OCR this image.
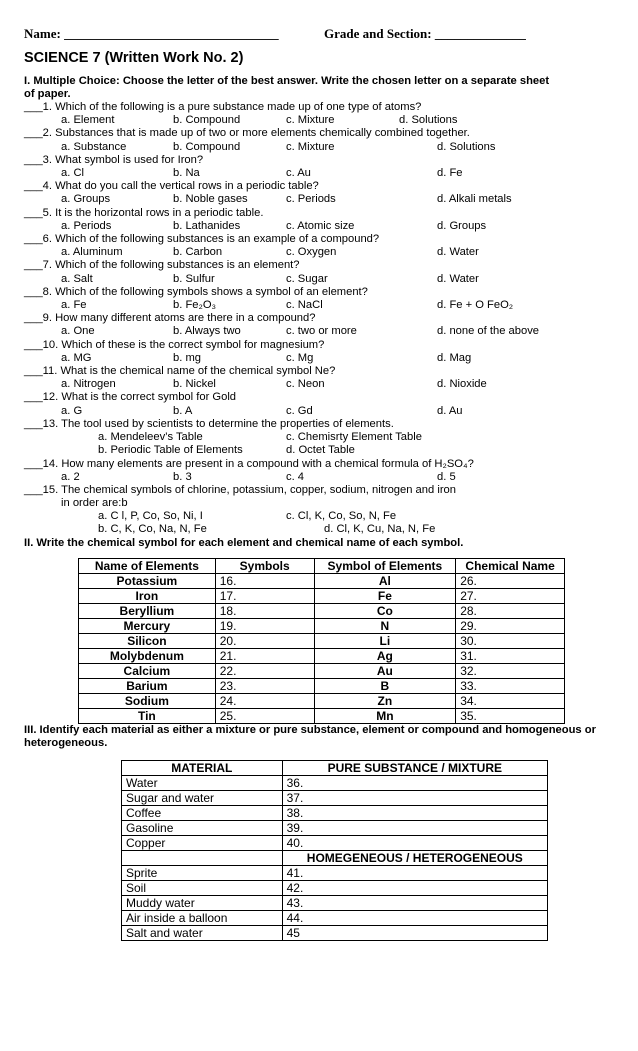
Name: _________________________________	Grade and Section: ______________
SCIENCE 7 (Written Work No. 2)
I. Multiple Choice: Choose the letter of the best answer. Write the chosen letter on a separate sheet
of paper.
___1. Which of the following is a pure substance made up of one type of atoms?
a. Element	b. Compound	c. Mixture	d. Solutions
___2. Substances that is made up of two or more elements chemically combined together.
a. Substance	b. Compound	c. Mixture	d. Solutions
___3. What symbol is used for Iron?
a. Cl	b. Na	c. Au	d. Fe
___4. What do you call the vertical rows in a periodic table?
a. Groups	b. Noble gases	c. Periods	d. Alkali metals
___5. It is the horizontal rows in a periodic table.
a. Periods	b. Lathanides	c. Atomic size	d. Groups
___6. Which of the following substances is an example of a compound?
a. Aluminum	b. Carbon	c. Oxygen	d. Water
___7. Which of the following substances is an element?
a. Salt	b. Sulfur	c. Sugar	d. Water
___8. Which of the following symbols shows a symbol of an element?
a. Fe	b. Fe₂O₃	c. NaCl	d. Fe + O FeO₂
___9. How many different atoms are there in a compound?
a. One	b. Always two	c. two or more	d. none of the above
___10. Which of these is the correct symbol for magnesium?
a. MG	b. mg	c. Mg	d. Mag
___11. What is the chemical name of the chemical symbol Ne?
a. Nitrogen	b. Nickel	c. Neon	d. Nioxide
___12. What is the correct symbol for Gold
a. G	b. A	c. Gd	d. Au
___13. The tool used by scientists to determine the properties of elements.
a. Mendeleev’s Table	c. Chemisrty Element Table
b. Periodic Table of Elements	d. Octet Table
___14. How many elements are present in a compound with a chemical formula of H₂SO₄?
a. 2	b. 3	c. 4	d. 5
___15. The chemical symbols of chlorine, potassium, copper, sodium, nitrogen and iron
in order are:b
a. C l, P, Co, So, Ni, I	c. Cl, K, Co, So, N, Fe
b. C, K, Co, Na, N, Fe	d. Cl, K, Cu, Na, N, Fe
II. Write the chemical symbol for each element and chemical name of each symbol.
Name of Elements	Symbols	Symbol of Elements	Chemical Name
Potassium	16.	Al	26.
Iron	17.	Fe	27.
Beryllium	18.	Co	28.
Mercury	19.	N	29.
Silicon	20.	Li	30.
Molybdenum	21.	Ag	31.
Calcium	22.	Au	32.
Barium	23.	B	33.
Sodium	24.	Zn	34.
Tin	25.	Mn	35.
III. Identify each material as either a mixture or pure substance, element or compound and homogeneous or
heterogeneous.
MATERIAL	PURE SUBSTANCE / MIXTURE
Water	36.
Sugar and water	37.
Coffee	38.
Gasoline	39.
Copper	40.
	HOMEGENEOUS / HETEROGENEOUS
Sprite	41.
Soil	42.
Muddy water	43.
Air inside a balloon	44.
Salt and water	45
